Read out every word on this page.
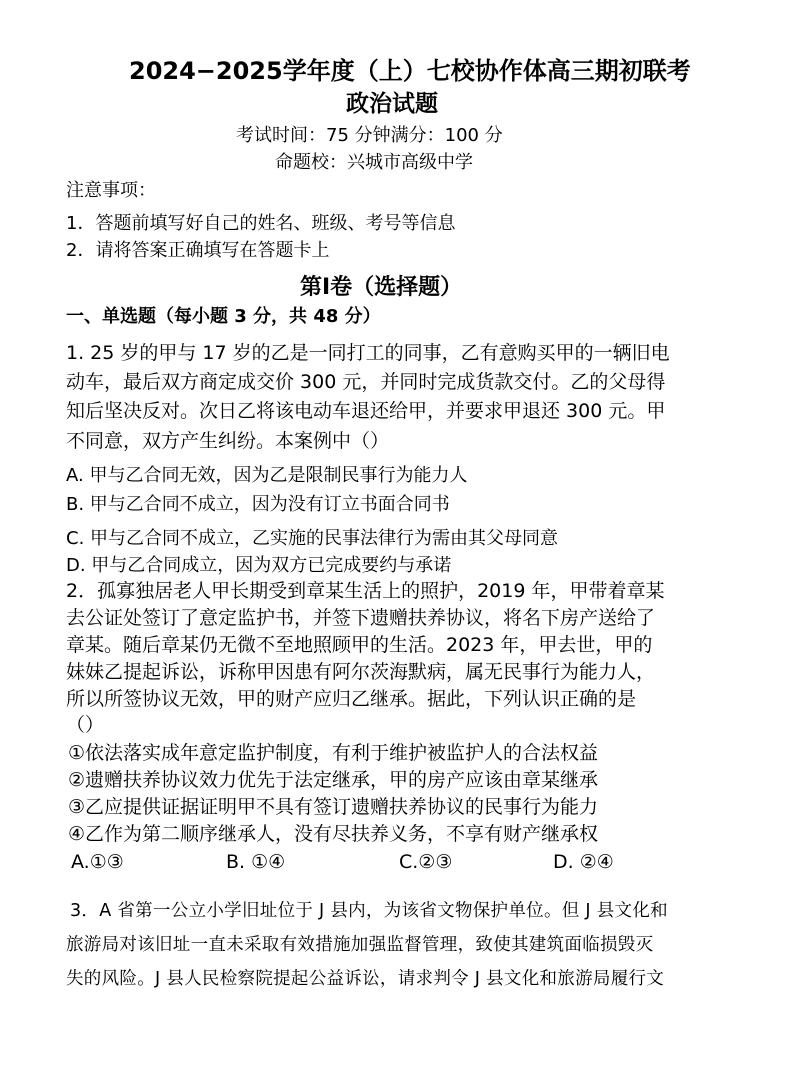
2024−2025学年度（上）七校协作体高三期初联考
政治试题
考试时间：75 分钟满分：100 分
命题校：兴城市高级中学
注意事项：
1．答题前填写好自己的姓名、班级、考号等信息
2．请将答案正确填写在答题卡上
第Ⅰ卷（选择题）
一、单选题（每小题 3 分，共 48 分）
1. 25 岁的甲与 17 岁的乙是一同打工的同事，乙有意购买甲的一辆旧电
动车，最后双方商定成交价 300 元，并同时完成货款交付。乙的父母得
知后坚决反对。次日乙将该电动车退还给甲，并要求甲退还 300 元。甲
不同意，双方产生纠纷。本案例中（）
A. 甲与乙合同无效，因为乙是限制民事行为能力人
B. 甲与乙合同不成立，因为没有订立书面合同书
C. 甲与乙合同不成立，乙实施的民事法律行为需由其父母同意
D. 甲与乙合同成立，因为双方已完成要约与承诺
2．孤寡独居老人甲长期受到章某生活上的照护，2019 年，甲带着章某
去公证处签订了意定监护书，并签下遗赠扶养协议，将名下房产送给了
章某。随后章某仍无微不至地照顾甲的生活。2023 年，甲去世，甲的
妹妹乙提起诉讼，诉称甲因患有阿尔茨海默病，属无民事行为能力人，
所以所签协议无效，甲的财产应归乙继承。据此，下列认识正确的是
（）
①依法落实成年意定监护制度，有利于维护被监护人的合法权益
②遗赠扶养协议效力优先于法定继承，甲的房产应该由章某继承
③乙应提供证据证明甲不具有签订遗赠扶养协议的民事行为能力
④乙作为第二顺序继承人，没有尽扶养义务，不享有财产继承权
A.①③	B. ①④	C.②③	D. ②④
3．A 省第一公立小学旧址位于 J 县内，为该省文物保护单位。但 J 县文化和
旅游局对该旧址一直未采取有效措施加强监督管理，致使其建筑面临损毁灭
失的风险。J 县人民检察院提起公益诉讼，请求判令 J 县文化和旅游局履行文
